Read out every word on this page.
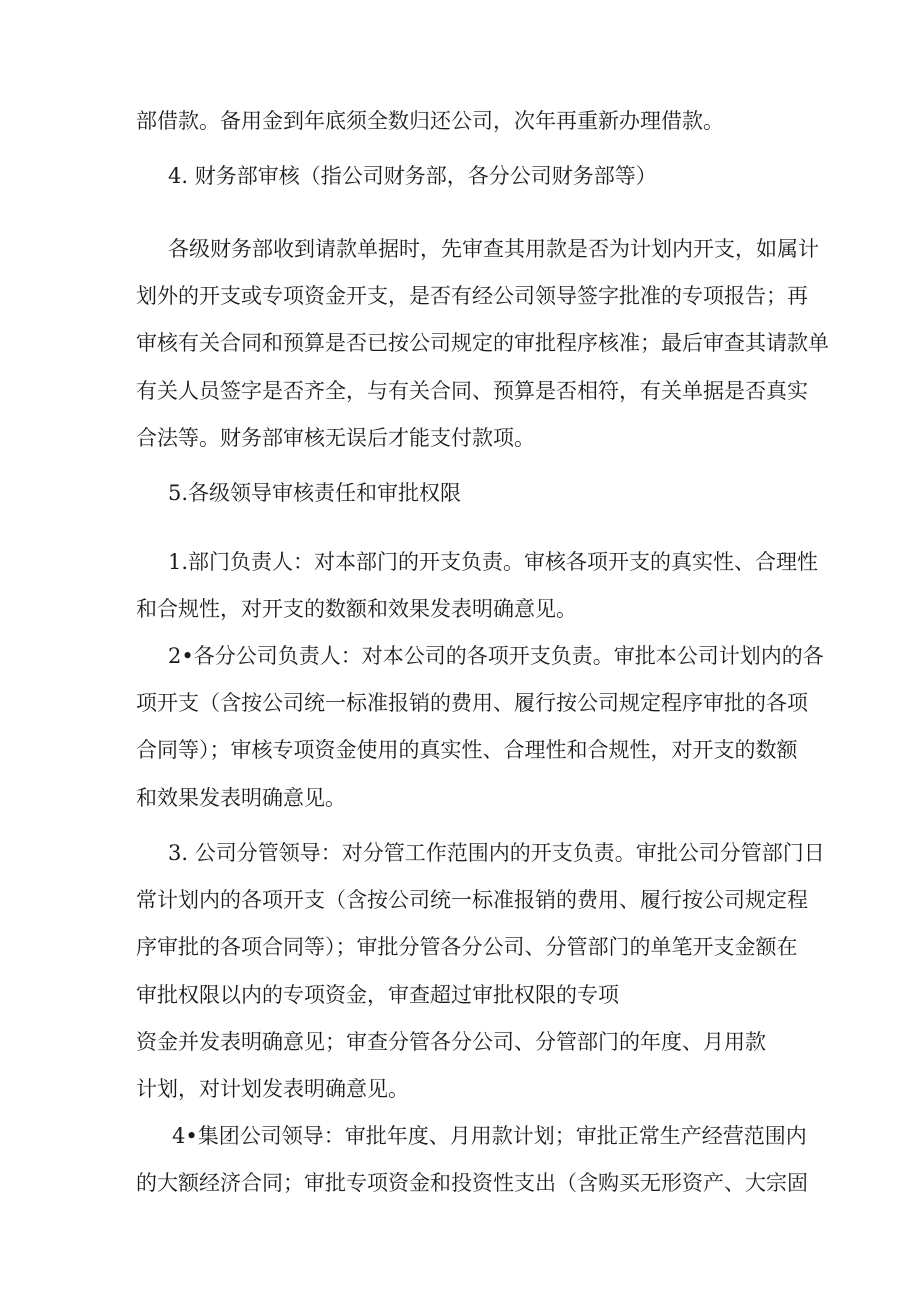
部借款。备用金到年底须全数归还公司，次年再重新办理借款。
4. 财务部审核（指公司财务部，各分公司财务部等）
各级财务部收到请款单据时，先审查其用款是否为计划内开支，如属计
划外的开支或专项资金开支，是否有经公司领导签字批准的专项报告；再
审核有关合同和预算是否已按公司规定的审批程序核准；最后审查其请款单
有关人员签字是否齐全，与有关合同、预算是否相符，有关单据是否真实
合法等。财务部审核无误后才能支付款项。
5.各级领导审核责任和审批权限
1.部门负责人：对本部门的开支负责。审核各项开支的真实性、合理性
和合规性，对开支的数额和效果发表明确意见。
2•各分公司负责人：对本公司的各项开支负责。审批本公司计划内的各
项开支（含按公司统一标准报销的费用、履行按公司规定程序审批的各项
合同等）；审核专项资金使用的真实性、合理性和合规性，对开支的数额
和效果发表明确意见。
3. 公司分管领导：对分管工作范围内的开支负责。审批公司分管部门日
常计划内的各项开支（含按公司统一标准报销的费用、履行按公司规定程
序审批的各项合同等）；审批分管各分公司、分管部门的单笔开支金额在
审批权限以内的专项资金，审查超过审批权限的专项
资金并发表明确意见；审查分管各分公司、分管部门的年度、月用款
计划，对计划发表明确意见。
4•集团公司领导：审批年度、月用款计划；审批正常生产经营范围内
的大额经济合同；审批专项资金和投资性支出（含购买无形资产、大宗固
